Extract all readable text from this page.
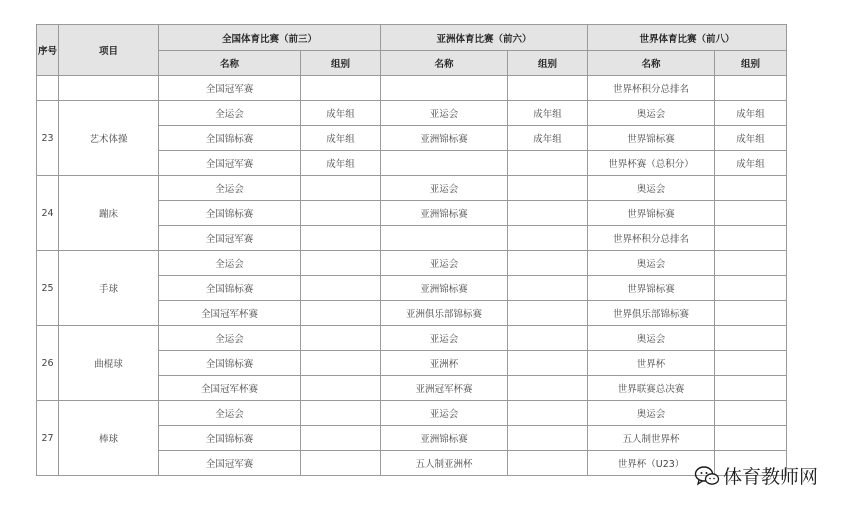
序号	项目	全国体育比赛（前三）		亚洲体育比赛（前六）		世界体育比赛（前八）	
		名称	组别	名称	组别	名称	组别
		全国冠军赛				世界杯积分总排名	
23	艺术体操	全运会	成年组	亚运会	成年组	奥运会	成年组
		全国锦标赛	成年组	亚洲锦标赛	成年组	世界锦标赛	成年组
		全国冠军赛	成年组			世界杯赛（总积分）	成年组
24	蹦床	全运会		亚运会		奥运会	
		全国锦标赛		亚洲锦标赛		世界锦标赛	
		全国冠军赛				世界杯积分总排名	
25	手球	全运会		亚运会		奥运会	
		全国锦标赛		亚洲锦标赛		世界锦标赛	
		全国冠军杯赛		亚洲俱乐部锦标赛		世界俱乐部锦标赛	
26	曲棍球	全运会		亚运会		奥运会	
		全国锦标赛		亚洲杯		世界杯	
		全国冠军杯赛		亚洲冠军杯赛		世界联赛总决赛	
27	棒球	全运会		亚运会		奥运会	
		全国锦标赛		亚洲锦标赛		五人制世界杯	
		全国冠军赛		五人制亚洲杯		世界杯（U23）	
体育教师网
